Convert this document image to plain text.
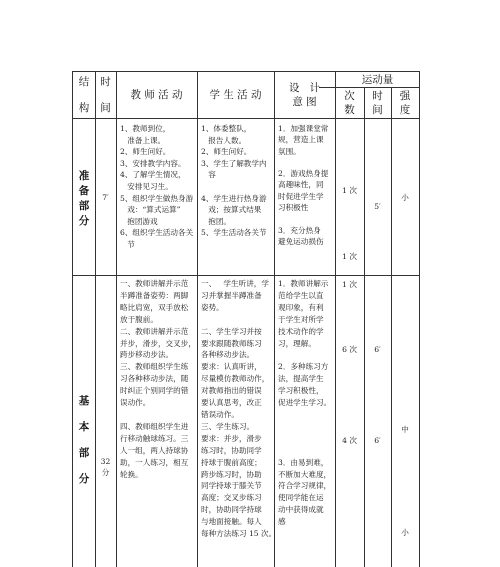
结

构
时

间
教 师 活 动	学 生 活 动
设   计
意 图
运动量
次
数
时
间
强
度
准
备
部
分
7′
1、教师到位，
准备上课。
2、师生问好。
3、安排教学内容。
4、了解学生情况，
安排见习生。
5、组织学生做热身游
戏：“算式运算”
抱团游戏
6、组织学生活动各关
节
1、体委整队，
报告人数。
2、师生问好。
3、学生了解教学内
容

4、学生进行热身游
戏；按算式结果
抱团。
5、学生活动各关节
1．加强课堂常
规，营造上课
氛围。

2．游戏热身提
高趣味性，同
时促进学生学
习积极性

3．充分热身
避免运动损伤
1 次
1 次
5′
小
基

本

部

分
32
分
一、教师讲解并示范
半蹲准备姿势：两脚
略比肩宽，双手放松
放于腹前。
二、教师讲解并示范
并步，滑步，交叉步，
跨步移动步法。
三、教师组织学生练
习各种移动步法，随
时纠正个别同学的错
误动作。

四、教师组织学生进
行移动触球练习。三
人一组，两人持球协
助，一人练习，相互
轮换。
一、   学生听讲，学
习并掌握半蹲准备
姿势。

二、学生学习并按
要求跟随教师练习
各种移动步法。
要求：认真听讲，
尽量模仿教师动作，
对教师指出的错误
要认真思考，改正
错误动作。
三、学生练习。
要求：并步，滑步
练习时，协助同学
持球于腹前高度；
跨步练习时，协助
同学持球于膝关节
高度；交叉步练习
时，协助同学持球
与地面接触。每人
每种方法练习 15 次。
1．教师讲解示
范给学生以直
观印象，有利
于学生对所学
技术动作的学
习，理解。

2．多种练习方
法，提高学生
学习积极性，
促进学生学习。

3．由易到难，
不断加大难度，
符合学习规律，
使同学能在运
动中获得成就
感
1 次
6 次
4 次
6′
6′
中
小
